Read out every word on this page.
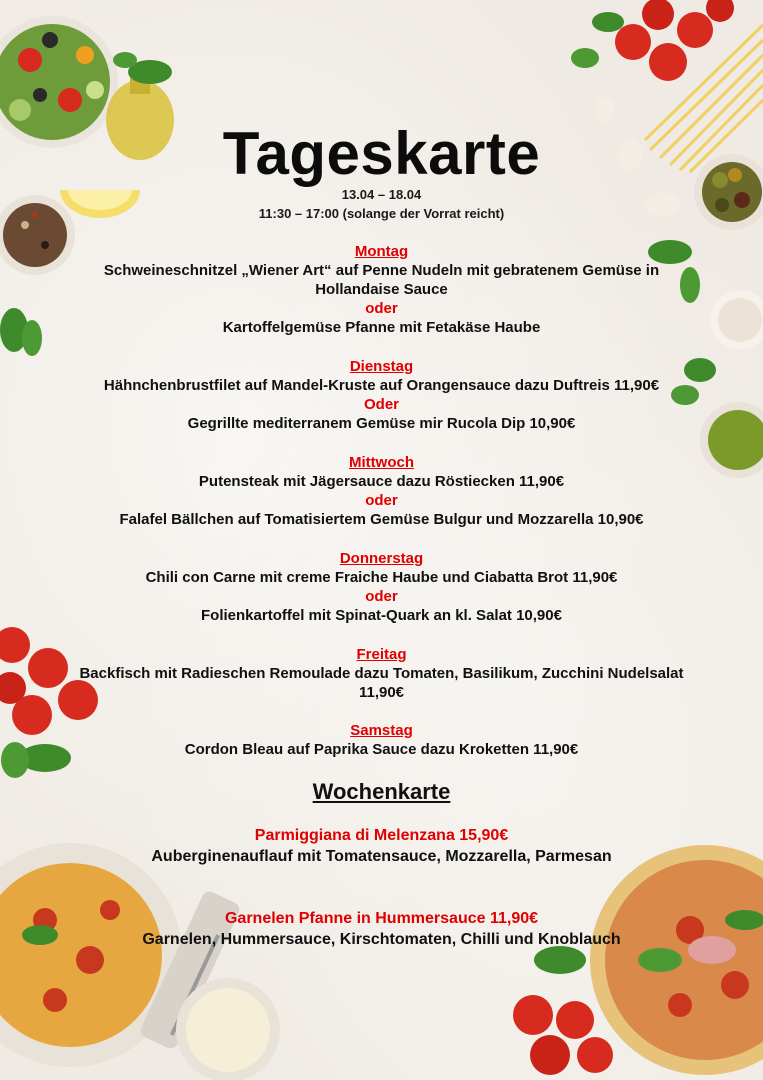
Tageskarte
13.04 – 18.04
11:30 – 17:00 (solange der Vorrat reicht)
Montag
Schweineschnitzel „Wiener Art“ auf Penne Nudeln mit gebratenem Gemüse in
Hollandaise Sauce
oder
Kartoffelgemüse Pfanne mit Fetakäse Haube
Dienstag
Hähnchenbrustfilet auf Mandel-Kruste auf Orangensauce dazu Duftreis 11,90€
Oder
Gegrillte mediterranem Gemüse mir Rucola Dip 10,90€
Mittwoch
Putensteak mit Jägersauce dazu Röstiecken 11,90€
oder
Falafel Bällchen auf Tomatisiertem Gemüse Bulgur und Mozzarella 10,90€
Donnerstag
Chili con Carne mit creme Fraiche Haube und Ciabatta Brot 11,90€
oder
Folienkartoffel mit Spinat-Quark an kl. Salat 10,90€
Freitag
Backfisch mit Radieschen Remoulade dazu Tomaten, Basilikum, Zucchini Nudelsalat
11,90€
Samstag
Cordon Bleau auf Paprika Sauce dazu Kroketten 11,90€
Wochenkarte
Parmiggiana di Melenzana 15,90€
Auberginenauflauf mit Tomatensauce, Mozzarella, Parmesan
Garnelen Pfanne in Hummersauce 11,90€
Garnelen, Hummersauce, Kirschtomaten, Chilli und Knoblauch
